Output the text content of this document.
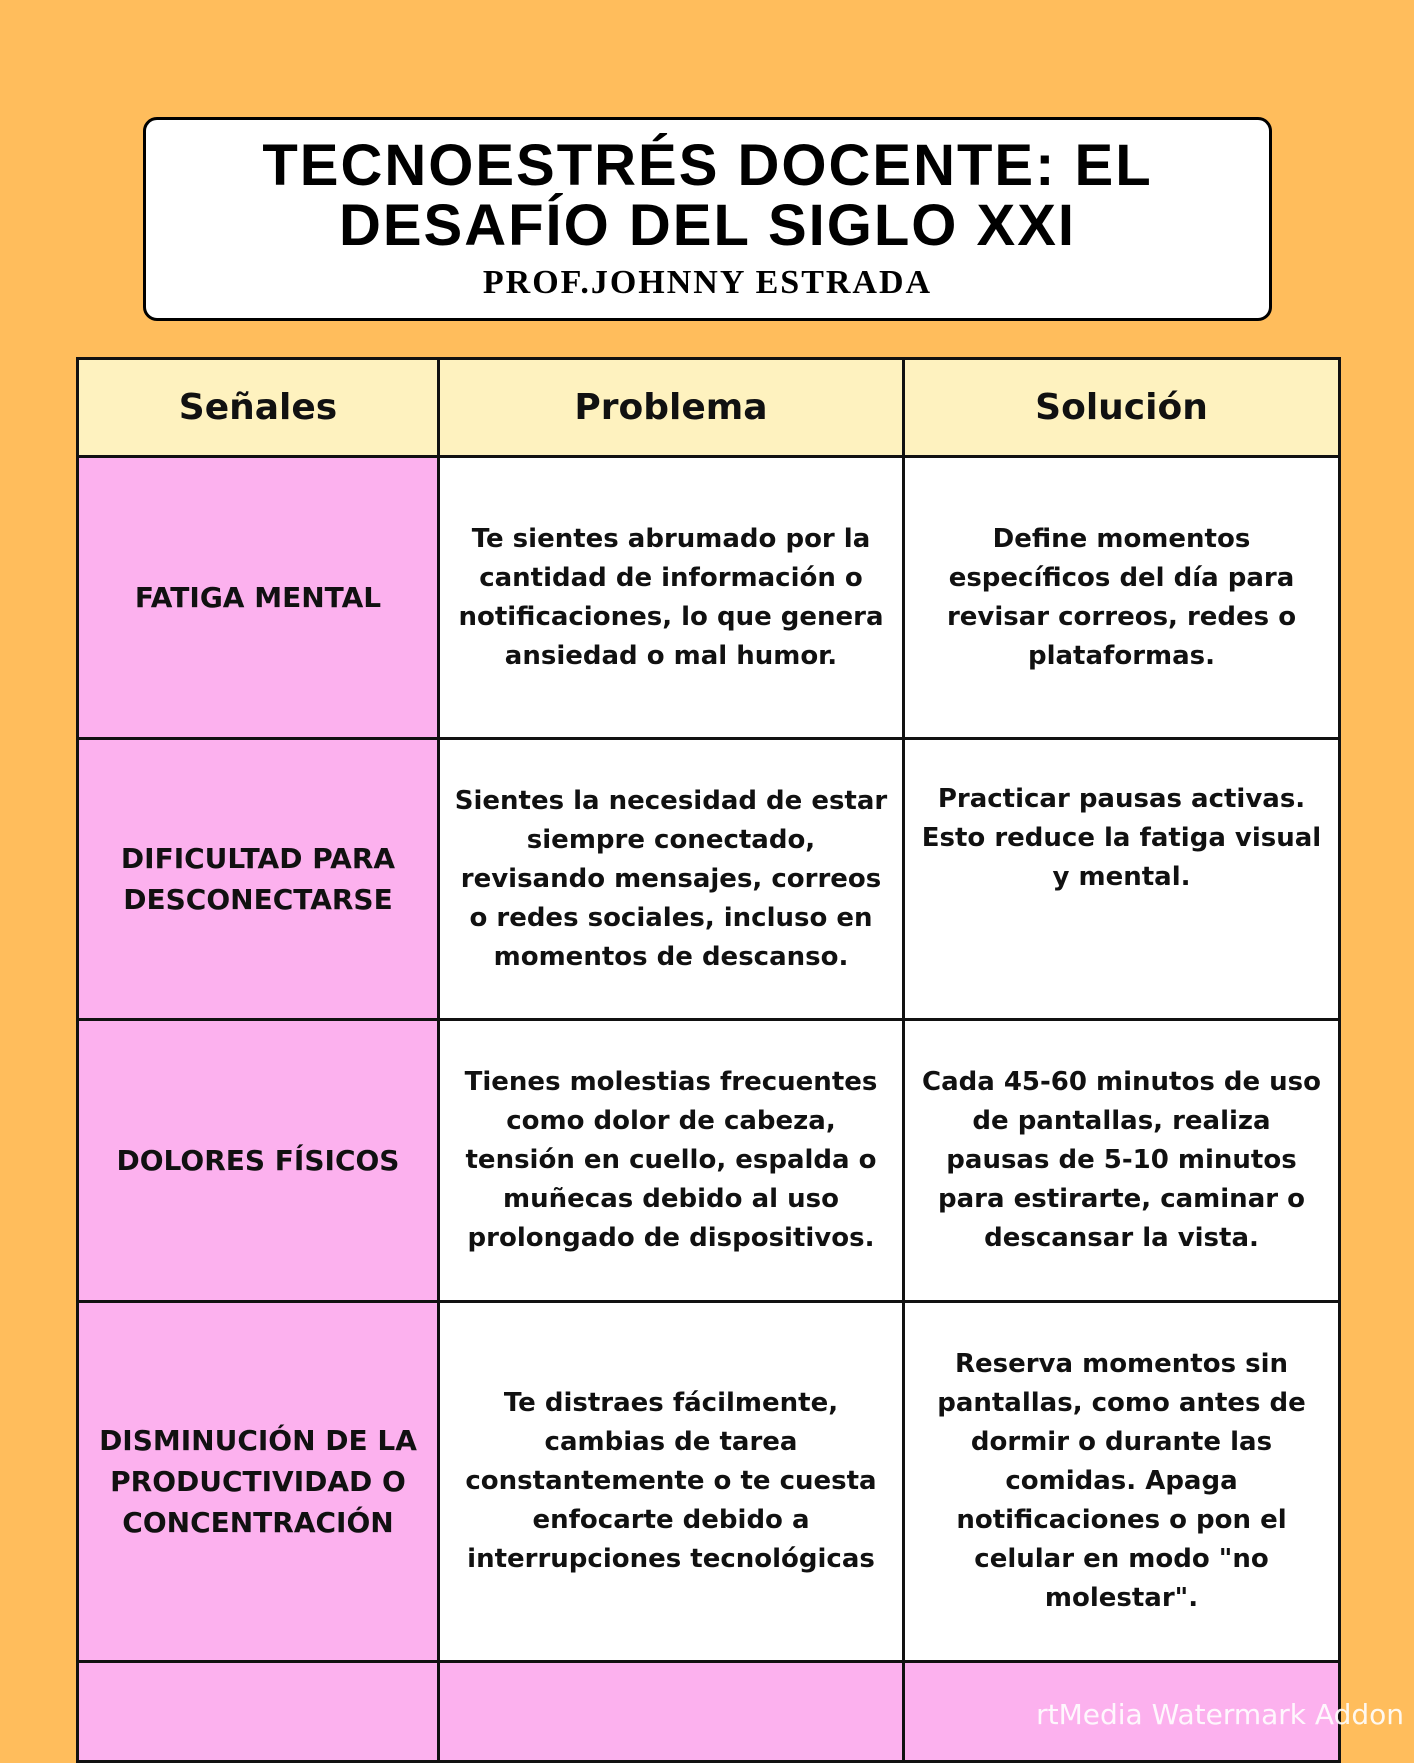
TECNOESTRÉS DOCENTE: EL
DESAFÍO DEL SIGLO XXI
PROF.JOHNNY ESTRADA
Señales	Problema	Solución
FATIGA MENTAL	Te sientes abrumado por la cantidad de información o notificaciones, lo que genera ansiedad o mal humor.	Define momentos específicos del día para revisar correos, redes o plataformas.
DIFICULTAD PARA DESCONECTARSE	Sientes la necesidad de estar siempre conectado, revisando mensajes, correos o redes sociales, incluso en momentos de descanso.	Practicar pausas activas. Esto reduce la fatiga visual y mental.
DOLORES FÍSICOS	Tienes molestias frecuentes como dolor de cabeza, tensión en cuello, espalda o muñecas debido al uso prolongado de dispositivos.	Cada 45-60 minutos de uso de pantallas, realiza pausas de 5-10 minutos para estirarte, caminar o descansar la vista.
DISMINUCIÓN DE LA PRODUCTIVIDAD O CONCENTRACIÓN	Te distraes fácilmente, cambias de tarea constantemente o te cuesta enfocarte debido a interrupciones tecnológicas	Reserva momentos sin pantallas, como antes de dormir o durante las comidas. Apaga notificaciones o pon el celular en modo "no molestar".

rtMedia Watermark Addon
